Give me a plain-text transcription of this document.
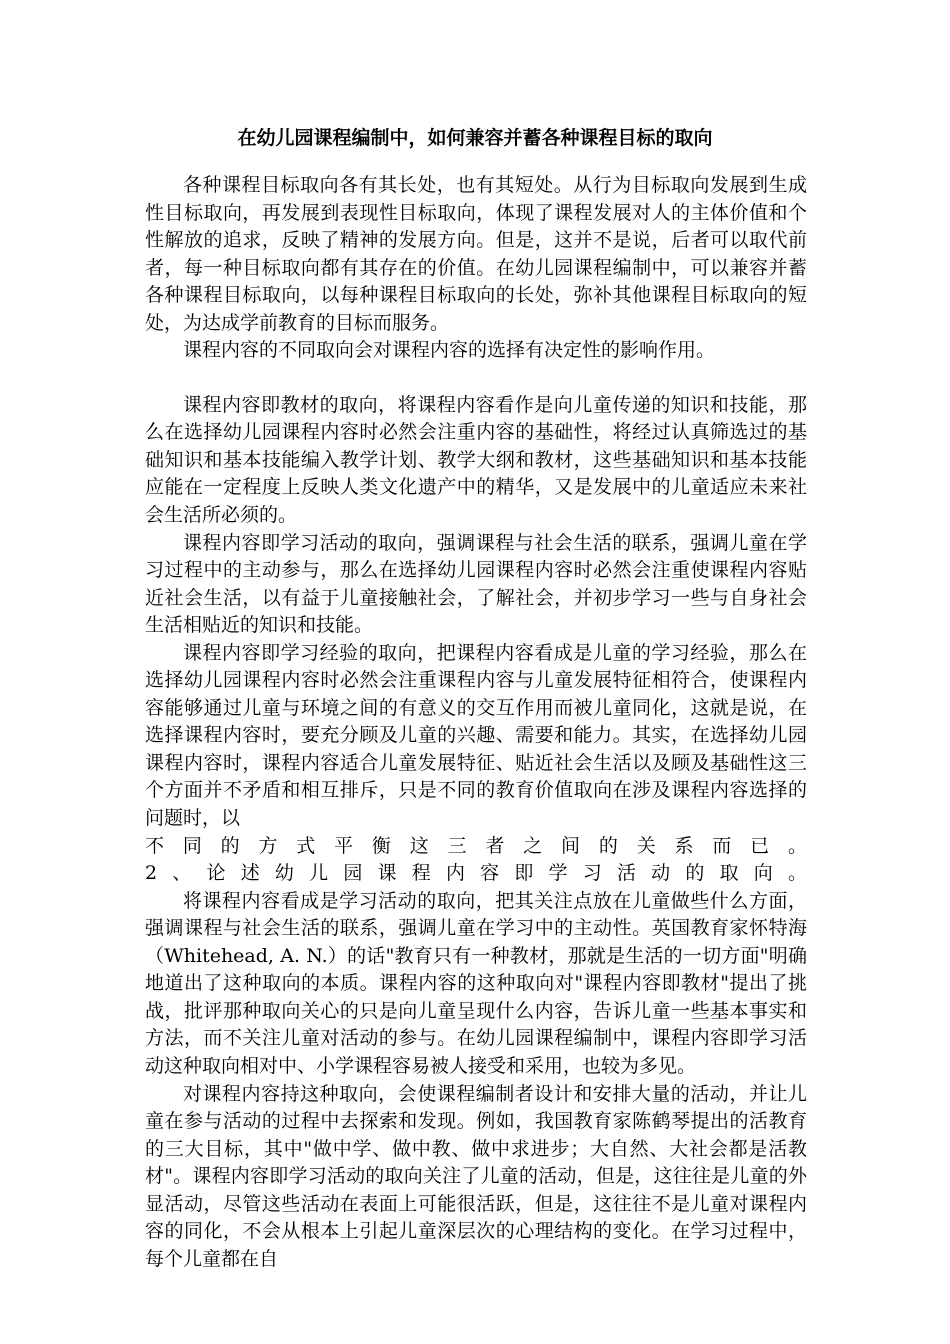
在幼儿园课程编制中，如何兼容并蓄各种课程目标的取向

各种课程目标取向各有其长处，也有其短处。从行为目标取向发展到生成性目标取向，再发展到表现性目标取向，体现了课程发展对人的主体价值和个性解放的追求，反映了精神的发展方向。但是，这并不是说，后者可以取代前者，每一种目标取向都有其存在的价值。在幼儿园课程编制中，可以兼容并蓄各种课程目标取向，以每种课程目标取向的长处，弥补其他课程目标取向的短处，为达成学前教育的目标而服务。

课程内容的不同取向会对课程内容的选择有决定性的影响作用。

课程内容即教材的取向，将课程内容看作是向儿童传递的知识和技能，那么在选择幼儿园课程内容时必然会注重内容的基础性，将经过认真筛选过的基础知识和基本技能编入教学计划、教学大纲和教材，这些基础知识和基本技能应能在一定程度上反映人类文化遗产中的精华，又是发展中的儿童适应未来社会生活所必须的。

课程内容即学习活动的取向，强调课程与社会生活的联系，强调儿童在学习过程中的主动参与，那么在选择幼儿园课程内容时必然会注重使课程内容贴近社会生活，以有益于儿童接触社会，了解社会，并初步学习一些与自身社会生活相贴近的知识和技能。

课程内容即学习经验的取向，把课程内容看成是儿童的学习经验，那么在选择幼儿园课程内容时必然会注重课程内容与儿童发展特征相符合，使课程内容能够通过儿童与环境之间的有意义的交互作用而被儿童同化，这就是说，在选择课程内容时，要充分顾及儿童的兴趣、需要和能力。其实，在选择幼儿园课程内容时，课程内容适合儿童发展特征、贴近社会生活以及顾及基础性这三个方面并不矛盾和相互排斥，只是不同的教育价值取向在涉及课程内容选择的问题时，以

不同的方式平衡这三者之间的关系而已。

2、论述幼儿园课程内容即学习活动的取向。

将课程内容看成是学习活动的取向，把其关注点放在儿童做些什么方面，强调课程与社会生活的联系，强调儿童在学习中的主动性。英国教育家怀特海（Whitehead, A. N.）的话"教育只有一种教材，那就是生活的一切方面"明确地道出了这种取向的本质。课程内容的这种取向对"课程内容即教材"提出了挑战，批评那种取向关心的只是向儿童呈现什么内容，告诉儿童一些基本事实和方法，而不关注儿童对活动的参与。在幼儿园课程编制中，课程内容即学习活动这种取向相对中、小学课程容易被人接受和采用，也较为多见。

对课程内容持这种取向，会使课程编制者设计和安排大量的活动，并让儿童在参与活动的过程中去探索和发现。例如，我国教育家陈鹤琴提出的活教育的三大目标，其中"做中学、做中教、做中求进步；大自然、大社会都是活教材"。课程内容即学习活动的取向关注了儿童的活动，但是，这往往是儿童的外显活动，尽管这些活动在表面上可能很活跃，但是，这往往不是儿童对课程内容的同化，不会从根本上引起儿童深层次的心理结构的变化。在学习过程中，每个儿童都在自
